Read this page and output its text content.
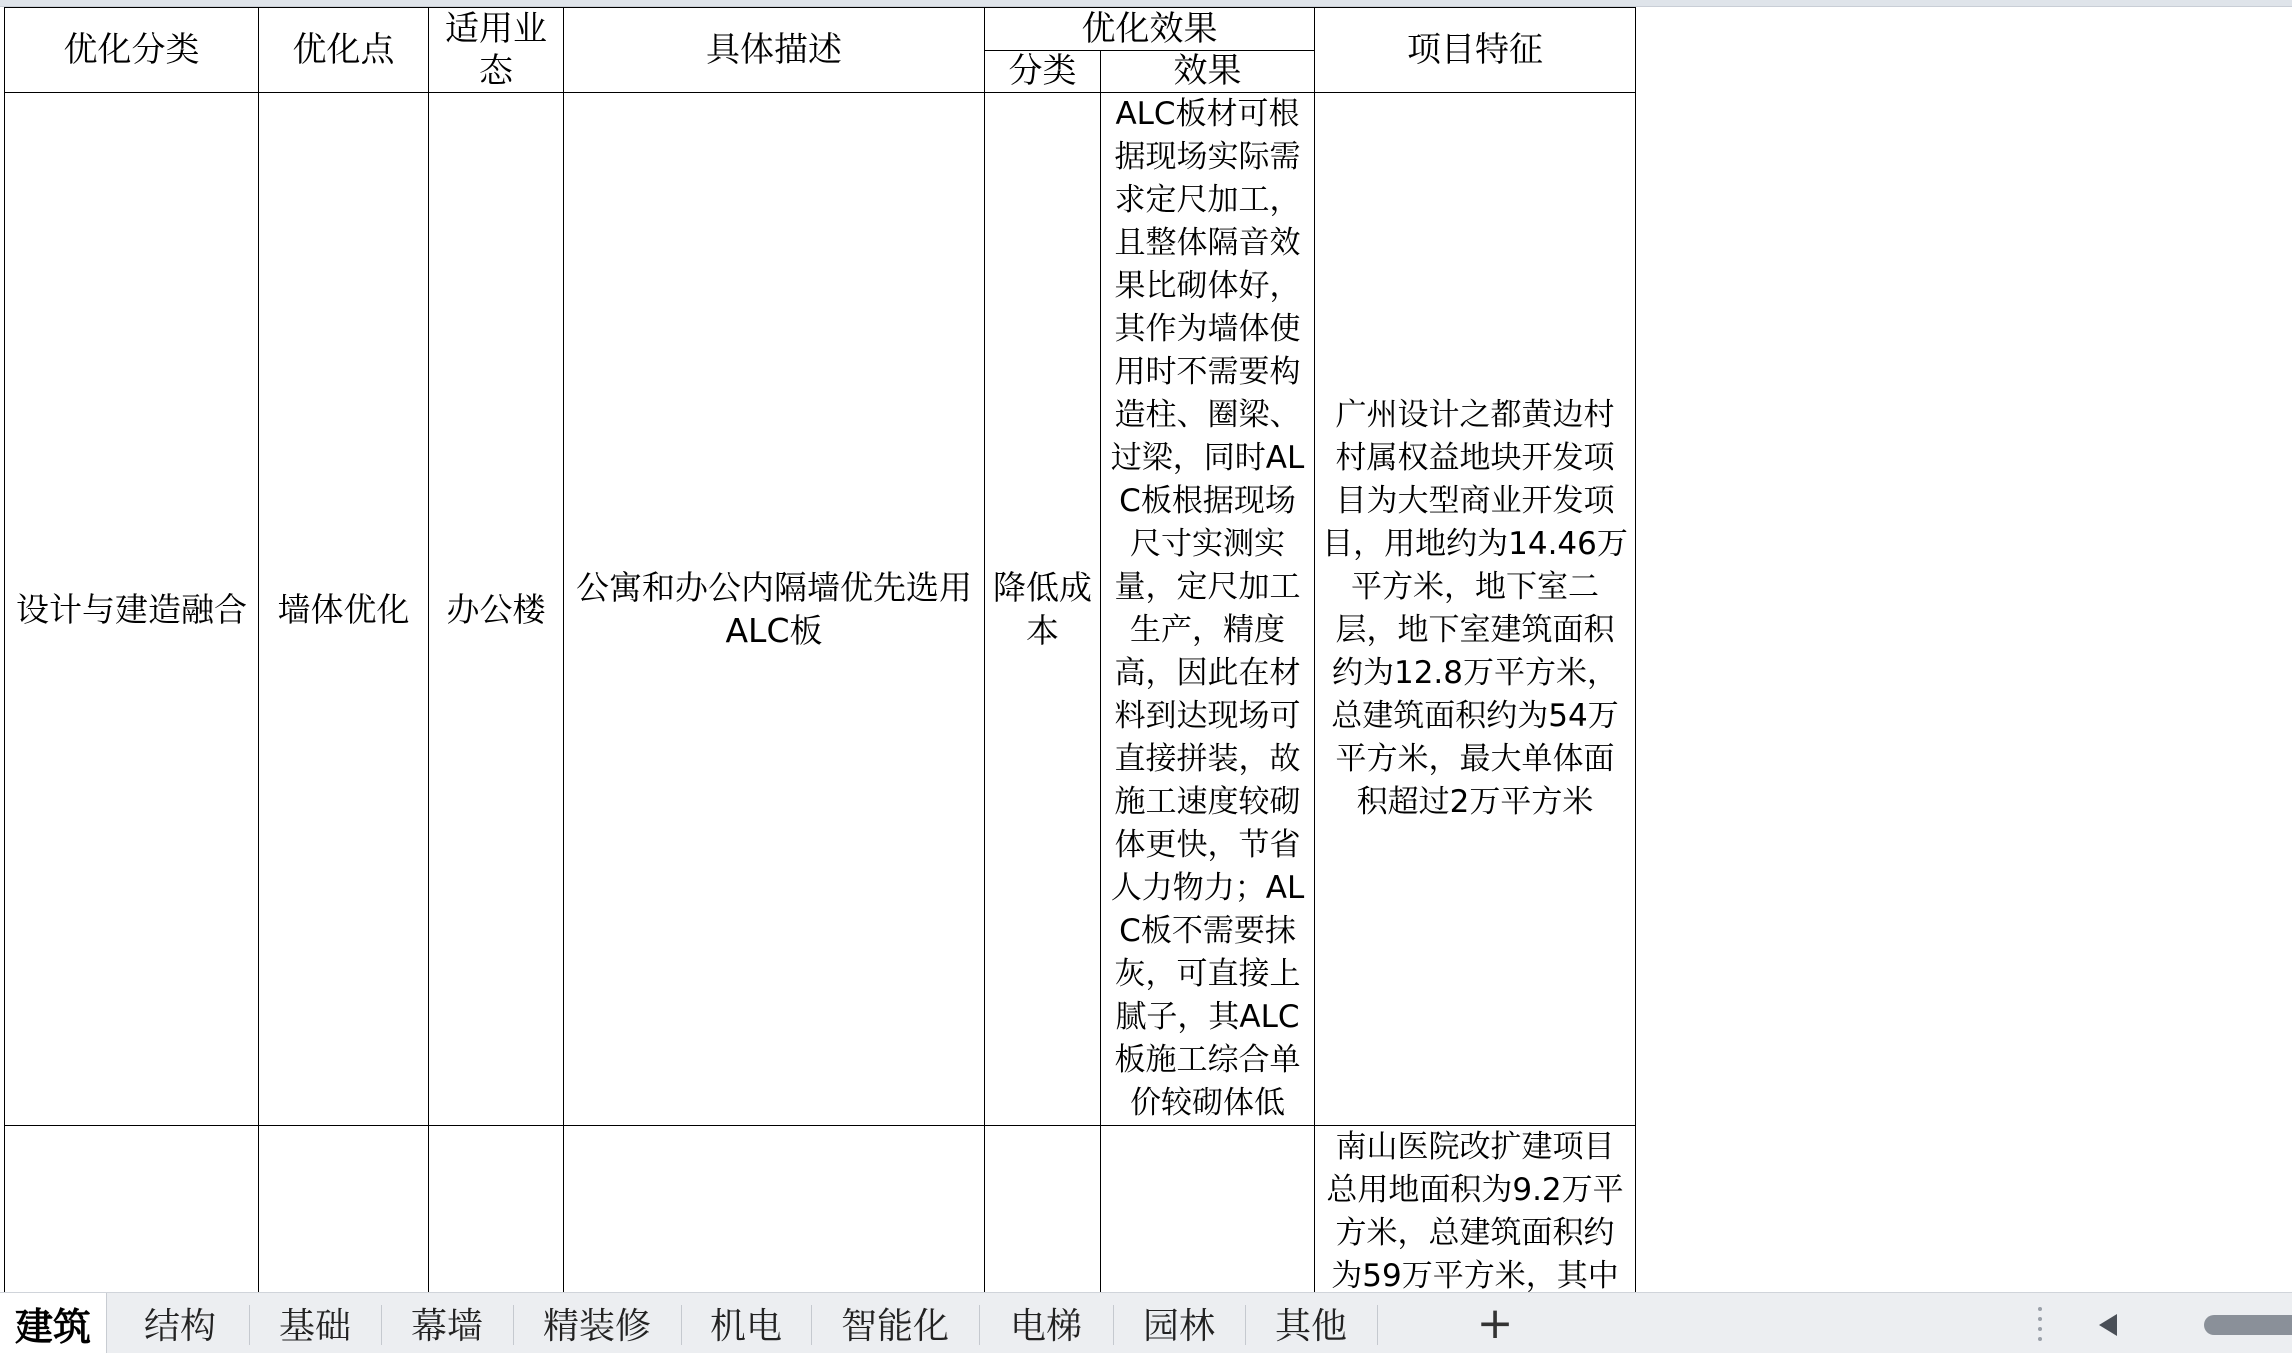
优化分类	优化点	适用业态	具体描述	优化效果		项目特征
				分类	效果	
设计与建造融合	墙体优化	办公楼	公寓和办公内隔墙优先选用ALC板	降低成本	ALC板材可根据现场实际需求定尺加工，且整体隔音效果比砌体好，其作为墙体使用时不需要构造柱、圈梁、过梁，同时ALC板根据现场尺寸实测实量，定尺加工生产，精度高，因此在材料到达现场可直接拼装，故施工速度较砌体更快，节省人力物力；ALC板不需要抹灰，可直接上腻子，其ALC板施工综合单价较砌体低	广州设计之都黄边村村属权益地块开发项目为大型商业开发项目，用地约为14.46万平方米，地下室二层，地下室建筑面积约为12.8万平方米，总建筑面积约为54万平方米，最大单体面积超过2万平方米
						南山医院改扩建项目总用地面积为9.2万平方米，总建筑面积约为59万平方米，其中
建筑	结构	基础	幕墙	精装修	机电	智能化	电梯	园林	其他	+
